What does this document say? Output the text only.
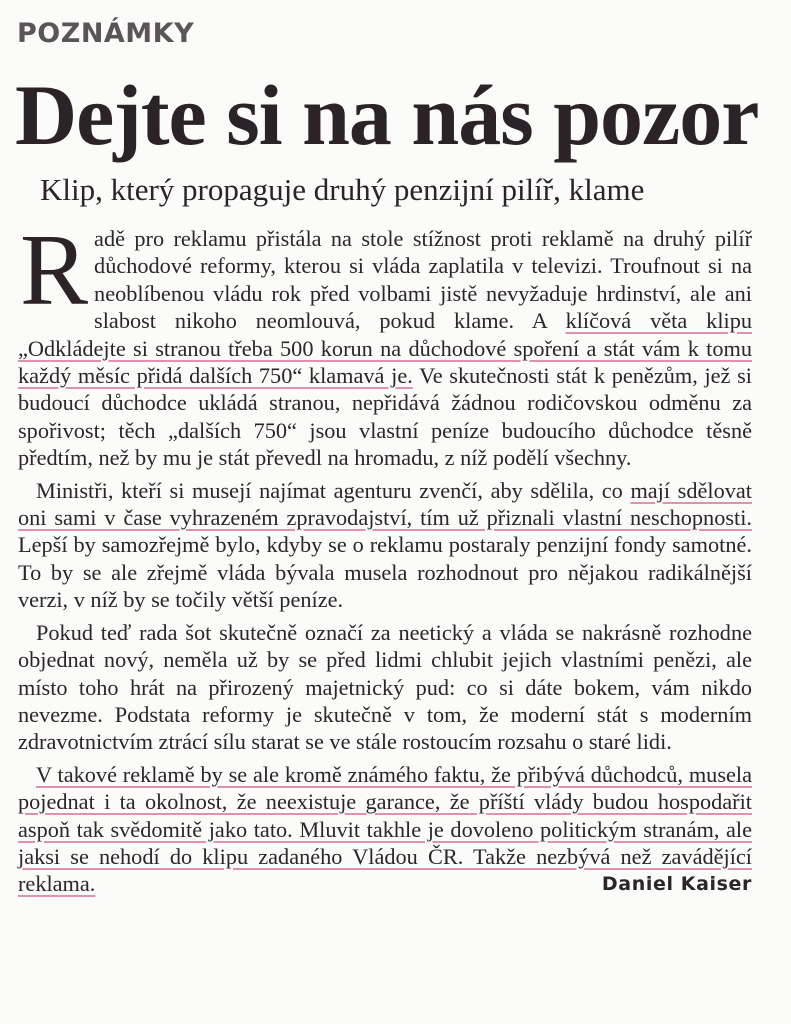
POZNÁMKY
Dejte si na nás pozor
Klip, který propaguje druhý penzijní pilíř, klame

Radě pro reklamu přistála na stole stížnost proti reklamě na druhý pilíř důchodové reformy, kterou si vláda zaplatila v televizi. Troufnout si na neoblíbenou vládu rok před volbami jistě nevyžaduje hrdinství, ale ani slabost nikoho neomlouvá, pokud klame. A klíčová věta klipu „Odkládejte si stranou třeba 500 korun na důchodové spoření a stát vám k tomu každý měsíc přidá dalších 750“ klamavá je. Ve skutečnosti stát k penězům, jež si budoucí důchodce ukládá stranou, nepřidává žádnou rodičovskou odměnu za spořivost; těch „dalších 750“ jsou vlastní peníze budoucího důchodce těsně předtím, než by mu je stát převedl na hromadu, z níž podělí všechny.

Ministři, kteří si musejí najímat agenturu zvenčí, aby sdělila, co mají sdělovat oni sami v čase vyhrazeném zpravodajství, tím už přiznali vlastní neschopnosti. Lepší by samozřejmě bylo, kdyby se o reklamu postaraly penzijní fondy samotné. To by se ale zřejmě vláda bývala musela rozhodnout pro nějakou radikálnější verzi, v níž by se točily větší peníze.

Pokud teď rada šot skutečně označí za neetický a vláda se nakrásně rozhodne objednat nový, neměla už by se před lidmi chlubit jejich vlastními penězi, ale místo toho hrát na přirozený majetnický pud: co si dáte bokem, vám nikdo nevezme. Podstata reformy je skutečně v tom, že moderní stát s moderním zdravotnictvím ztrácí sílu starat se ve stále rostoucím rozsahu o staré lidi.

V takové reklamě by se ale kromě známého faktu, že přibývá důchodců, musela pojednat i ta okolnost, že neexistuje garance, že příští vlády budou hospodařit aspoň tak svědomitě jako tato. Mluvit takhle je dovoleno politickým stranám, ale jaksi se nehodí do klipu zadaného Vládou ČR. Takže nezbývá než zavádějící reklama.	Daniel Kaiser
